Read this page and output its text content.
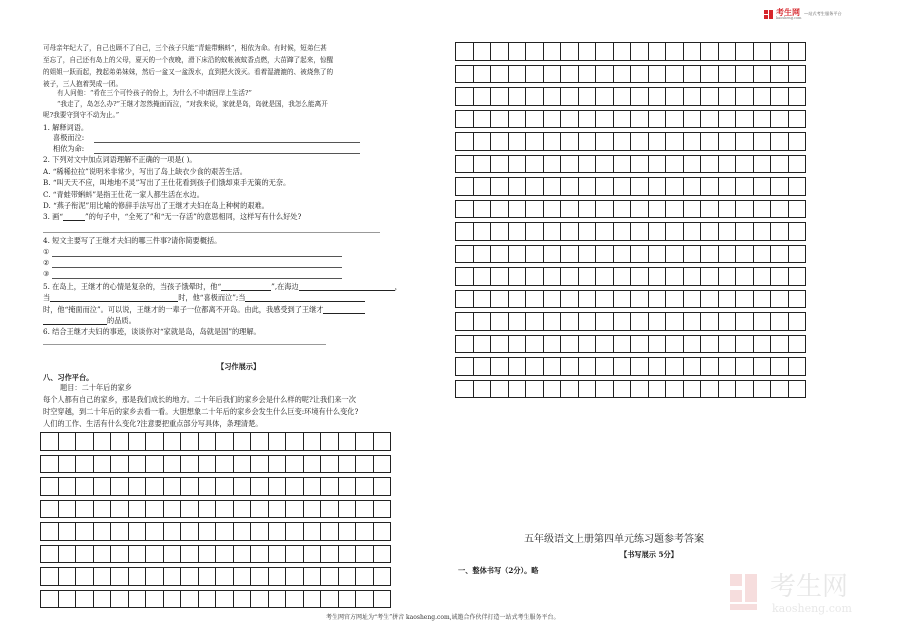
考生网
kaosheng.com
—站式考生服务平台
可母亲年纪大了，自己也顾不了自己，三个孩子只能“青蛙带蝌蚪”，相依为命。有时候，短弟仨甚
至忘了，自己还有岛上的父母，夏天的一个夜晚，滑下床沿的蚊帐被蚊香点燃，大苗蹿了起来，惊醒
的姐姐一跃而起，拽起弟弟妹妹，然后一盆又一盆泼水，直到把火泼灭。看着湿漉漉的、被烧焦了的
被子，三人抱着哭成一团。
有人问他：“肴在三个可怜孩子的份上，为什么不申请回岸上生活?”
“我走了，岛怎么办?”王继才忽然掩面而泣，“对我来说，家就是岛，岛就是国，我怎么能离开
呢?我要守到守不动为止。”
1. 解释词语。
喜极而泣:
相依为命:
2. 下列对文中加点词语理解不正确的一项是( )。
A. “稀稀拉拉”说明米非常少，写出了岛上缺衣少食的艰苦生活。
B. “叫天天不应，叫地地不灵”写出了王仕花看到孩子们饿却束手无策的无奈。
C. “青蛙带蝌蚪”是指王仕花一家人都生活在水边。
D. “燕子衔泥”用比喻的修辞手法写出了王继才夫妇在岛上种树的艰难。
3. 画“	”的句子中，“全死了”和“无一存活”的意思相同，这样写有什么好处?
4. 短文主要写了王继才夫妇的哪三件事?请你简要概括。
①
②
③
5. 在岛上，王继才的心情是复杂的，当孩子饿晕时，他“	”,在海边	，
当	时，他“喜极而泣”;当
时，他“掩面而泣”。可以说，王继才的一辈子一位都离不开岛。由此，我感受到了王继才
的品质。
6. 结合王继才夫妇的事迹，谈谈你对“家就是岛，岛就是国”的理解。
【习作展示】
八、习作平台。
题目：二十年后的家乡
每个人都有自己的家乡，那是我们成长的地方。二十年后我们的家乡会是什么样的呢?让我们来一次
时空穿越，到二十年后的家乡去看一看。大胆想象二十年后的家乡会发生什么巨变:环境有什么变化?
人们的工作、生活有什么变化?注意要把重点部分写具体，条理清楚。

五年级语文上册第四单元练习题参考答案
【书写展示 5分】
一、整体书写（2分）。略
考生网
kaosheng.com
考生网官方网址为“考生”拼音 kaosheng.com,诚邀合作伙伴打造一站式考生服务平台。
